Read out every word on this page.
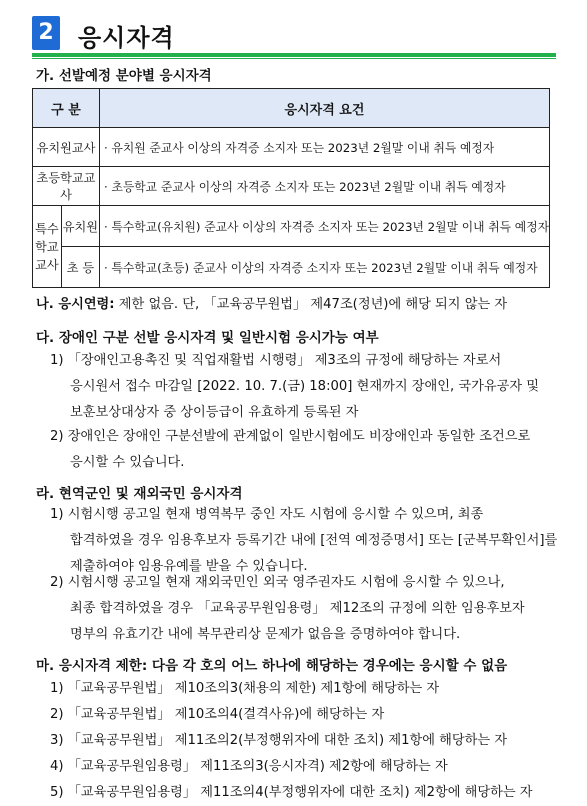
2 응시자격
가. 선발예정 분야별 응시자격
구 분		응시자격 요건
유치원교사		· 유치원 준교사 이상의 자격증 소지자 또는 2023년 2월말 이내 취득 예정자
초등학교교사		· 초등학교 준교사 이상의 자격증 소지자 또는 2023년 2월말 이내 취득 예정자
특수
학교
교사	유치원	· 특수학교(유치원) 준교사 이상의 자격증 소지자 또는 2023년 2월말 이내 취득 예정자
	초 등	· 특수학교(초등) 준교사 이상의 자격증 소지자 또는 2023년 2월말 이내 취득 예정자
나. 응시연령: 제한 없음. 단, 「교육공무원법」 제47조(정년)에 해당 되지 않는 자
다. 장애인 구분 선발 응시자격 및 일반시험 응시가능 여부
1) 「장애인고용촉진 및 직업재활법 시행령」 제3조의 규정에 해당하는 자로서
응시원서 접수 마감일 [2022. 10. 7.(금) 18:00] 현재까지 장애인, 국가유공자 및
보훈보상대상자 중 상이등급이 유효하게 등록된 자
2) 장애인은 장애인 구분선발에 관계없이 일반시험에도 비장애인과 동일한 조건으로
응시할 수 있습니다.
라. 현역군인 및 재외국민 응시자격
1) 시험시행 공고일 현재 병역복무 중인 자도 시험에 응시할 수 있으며, 최종
합격하였을 경우 임용후보자 등록기간 내에 [전역 예정증명서] 또는 [군복무확인서]를
제출하여야 임용유예를 받을 수 있습니다.
2) 시험시행 공고일 현재 재외국민인 외국 영주권자도 시험에 응시할 수 있으나,
최종 합격하였을 경우 「교육공무원임용령」 제12조의 규정에 의한 임용후보자
명부의 유효기간 내에 복무관리상 문제가 없음을 증명하여야 합니다.
마. 응시자격 제한: 다음 각 호의 어느 하나에 해당하는 경우에는 응시할 수 없음
1) 「교육공무원법」 제10조의3(채용의 제한) 제1항에 해당하는 자
2) 「교육공무원법」 제10조의4(결격사유)에 해당하는 자
3) 「교육공무원법」 제11조의2(부정행위자에 대한 조치) 제1항에 해당하는 자
4) 「교육공무원임용령」 제11조의3(응시자격) 제2항에 해당하는 자
5) 「교육공무원임용령」 제11조의4(부정행위자에 대한 조치) 제2항에 해당하는 자
